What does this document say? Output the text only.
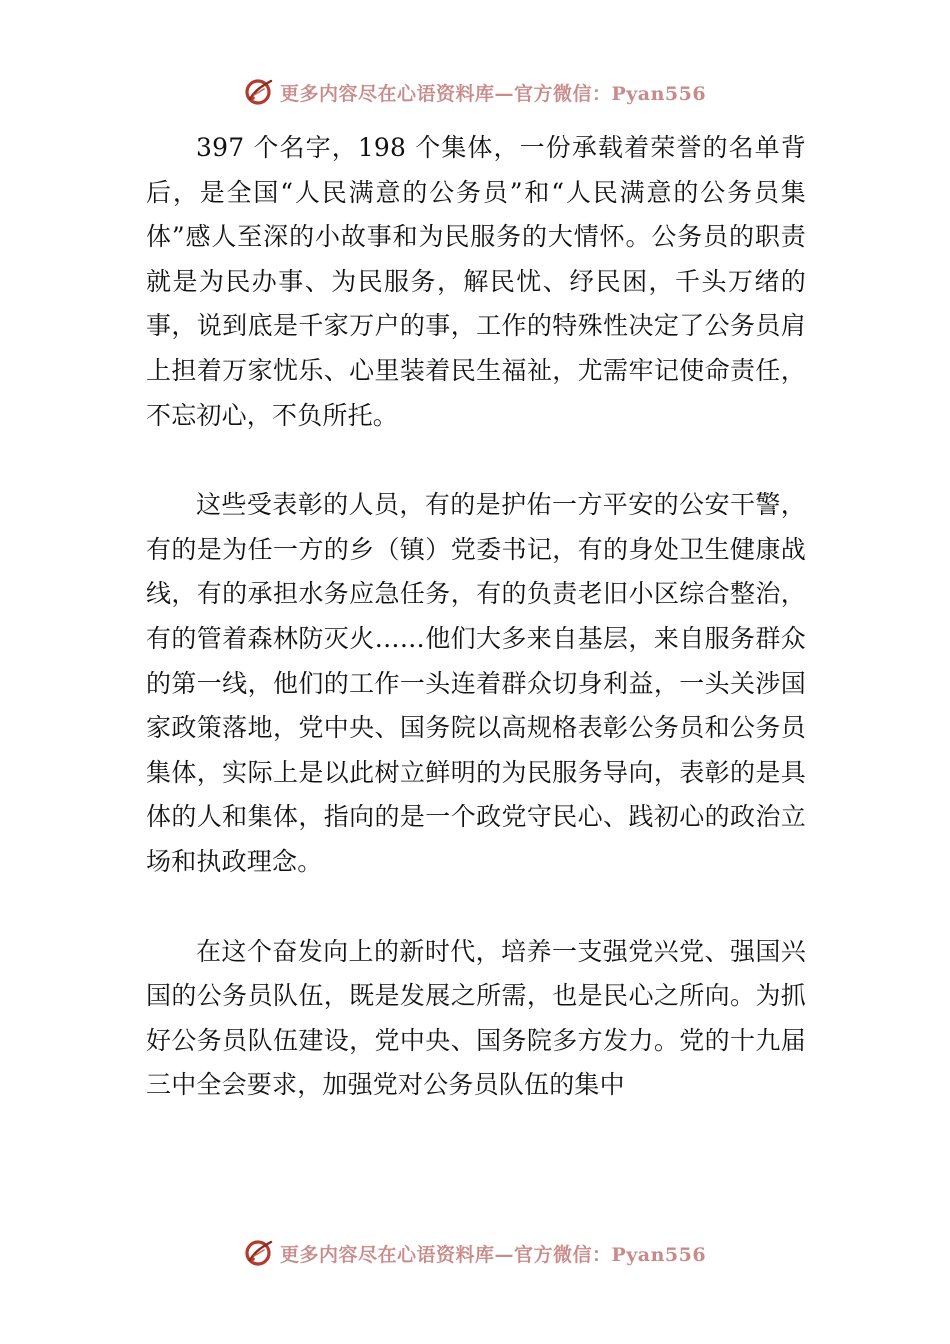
更多内容尽在心语资料库—官方微信：Pyan556

397 个名字，198 个集体，一份承载着荣誉的名单背后，是全国“人民满意的公务员”和“人民满意的公务员集体”感人至深的小故事和为民服务的大情怀。公务员的职责就是为民办事、为民服务，解民忧、纾民困，千头万绪的事，说到底是千家万户的事，工作的特殊性决定了公务员肩上担着万家忧乐、心里装着民生福祉，尤需牢记使命责任，不忘初心，不负所托。

这些受表彰的人员，有的是护佑一方平安的公安干警，有的是为任一方的乡（镇）党委书记，有的身处卫生健康战线，有的承担水务应急任务，有的负责老旧小区综合整治，有的管着森林防灭火……他们大多来自基层，来自服务群众的第一线，他们的工作一头连着群众切身利益，一头关涉国家政策落地，党中央、国务院以高规格表彰公务员和公务员集体，实际上是以此树立鲜明的为民服务导向，表彰的是具体的人和集体，指向的是一个政党守民心、践初心的政治立场和执政理念。

在这个奋发向上的新时代，培养一支强党兴党、强国兴国的公务员队伍，既是发展之所需，也是民心之所向。为抓好公务员队伍建设，党中央、国务院多方发力。党的十九届三中全会要求，加强党对公务员队伍的集中

更多内容尽在心语资料库—官方微信：Pyan556
